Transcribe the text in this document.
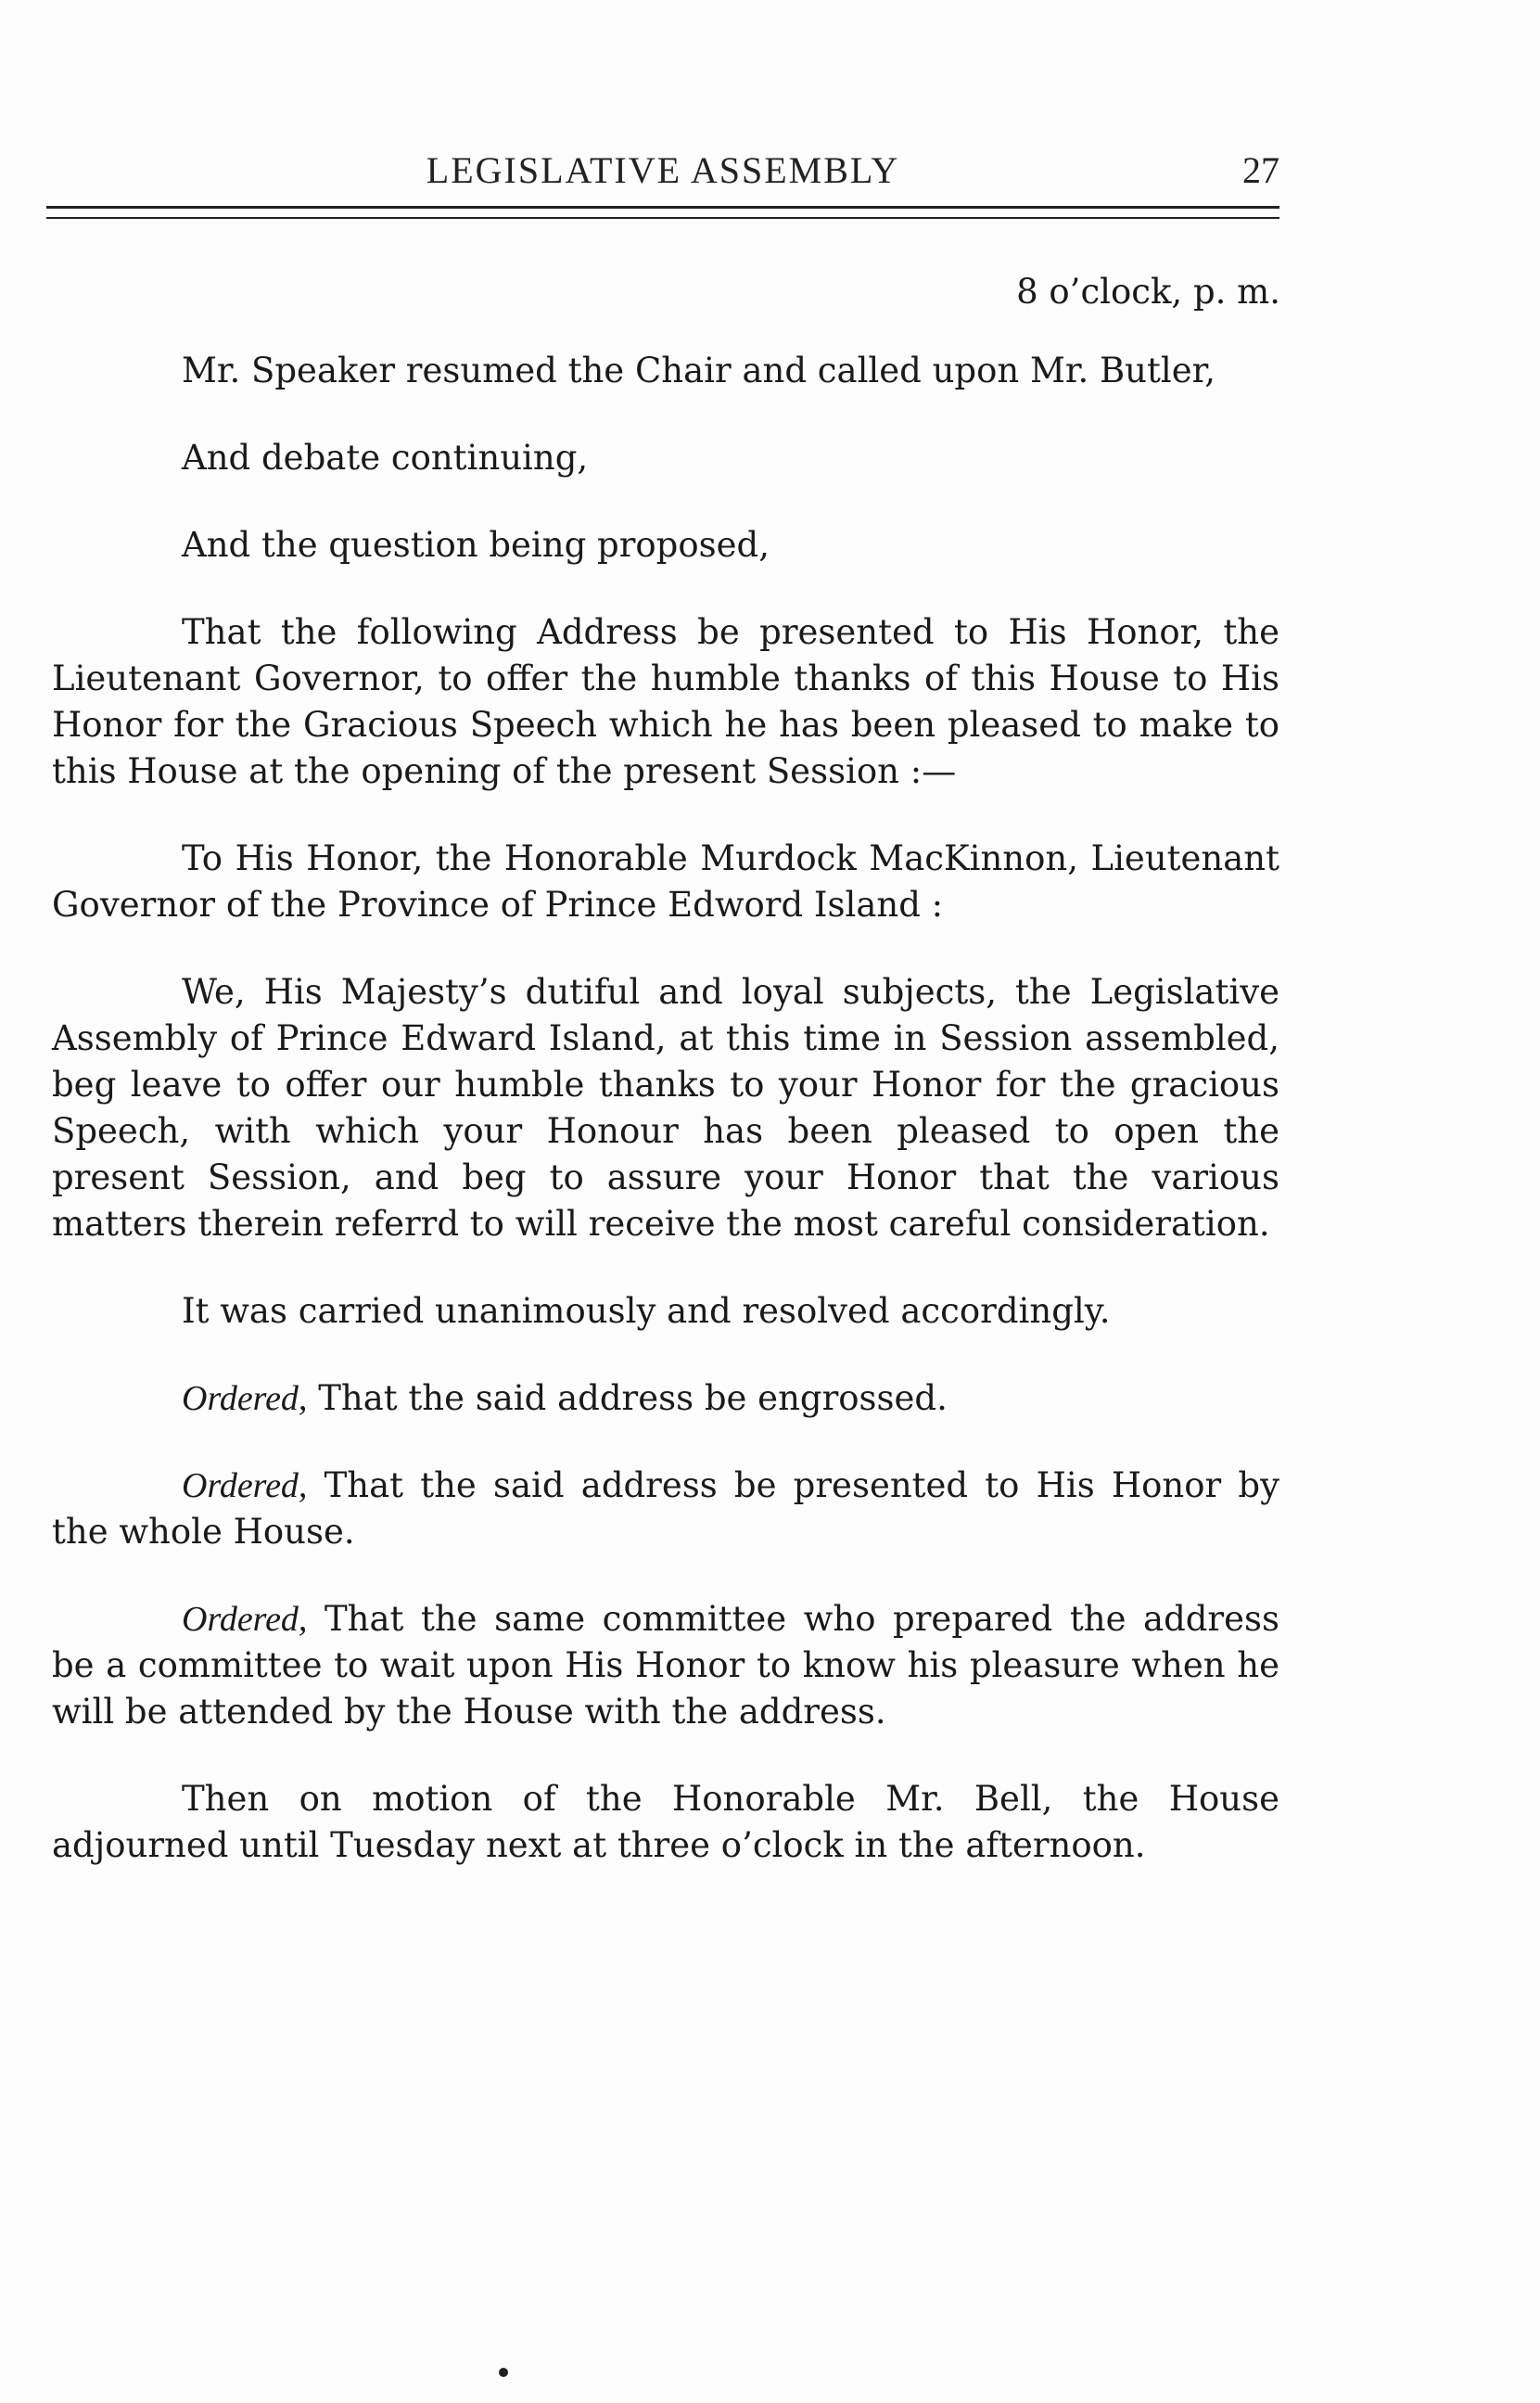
LEGISLATIVE ASSEMBLY	27
8 o’clock, p. m.

Mr. Speaker resumed the Chair and called upon Mr. Butler,

And debate continuing,

And the question being proposed,

That the following Address be presented to His Honor, the Lieutenant Governor, to offer the humble thanks of this House to His Honor for the Gracious Speech which he has been pleased to make to this House at the opening of the present Session :—

To His Honor, the Honorable Murdock MacKinnon, Lieutenant Governor of the Province of Prince Edword Island :

We, His Majesty’s dutiful and loyal subjects, the Legislative Assembly of Prince Edward Island, at this time in Session assembled, beg leave to offer our humble thanks to your Honor for the gracious Speech, with which your Honour has been pleased to open the present Session, and beg to assure your Honor that the various matters therein referrd to will receive the most careful consideration.

It was carried unanimously and resolved accordingly.

Ordered, That the said address be engrossed.

Ordered, That the said address be presented to His Honor by the whole House.

Ordered, That the same committee who prepared the address be a committee to wait upon His Honor to know his pleasure when he will be attended by the House with the address.

Then on motion of the Honorable Mr. Bell, the House adjourned until Tuesday next at three o’clock in the afternoon.
